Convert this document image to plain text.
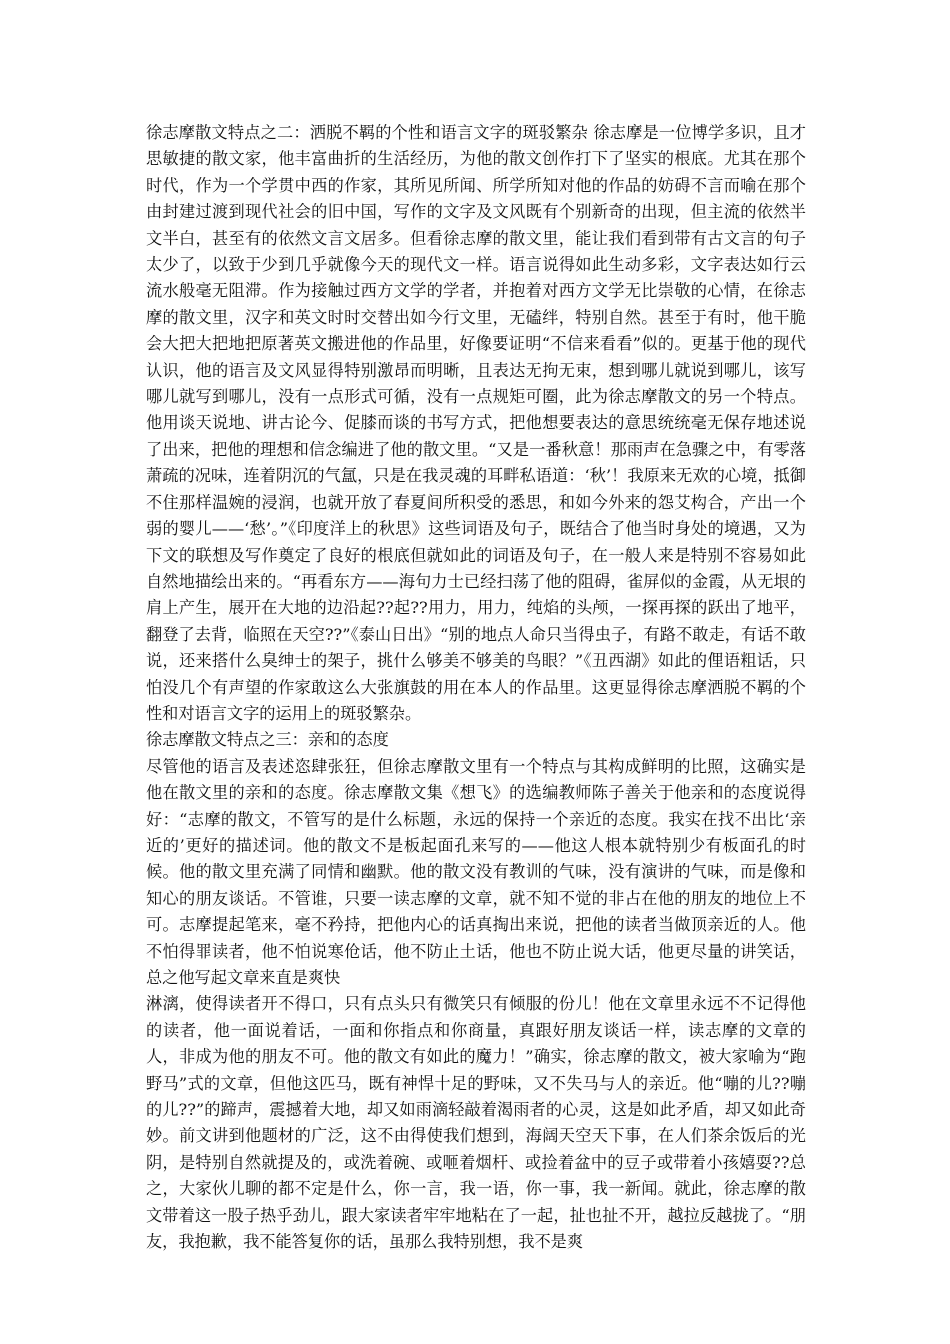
徐志摩散文特点之二：洒脱不羁的个性和语言文字的斑驳繁杂 徐志摩是一位博学多识，且才思敏捷的散文家，他丰富曲折的生活经历，为他的散文创作打下了坚实的根底。尤其在那个时代，作为一个学贯中西的作家，其所见所闻、所学所知对他的作品的妨碍不言而喻在那个由封建过渡到现代社会的旧中国，写作的文字及文风既有个别新奇的出现，但主流的依然半文半白，甚至有的依然文言文居多。但看徐志摩的散文里，能让我们看到带有古文言的句子太少了，以致于少到几乎就像今天的现代文一样。语言说得如此生动多彩，文字表达如行云流水般毫无阻滞。作为接触过西方文学的学者，并抱着对西方文学无比崇敬的心情，在徐志摩的散文里，汉字和英文时时交替出如今行文里，无磕绊，特别自然。甚至于有时，他干脆会大把大把地把原著英文搬进他的作品里，好像要证明“不信来看看”似的。更基于他的现代认识，他的语言及文风显得特别激昂而明晰，且表达无拘无束，想到哪儿就说到哪儿，该写哪儿就写到哪儿，没有一点形式可循，没有一点规矩可圈，此为徐志摩散文的另一个特点。他用谈天说地、讲古论今、促膝而谈的书写方式，把他想要表达的意思统统毫无保存地述说了出来，把他的理想和信念编进了他的散文里。“又是一番秋意！那雨声在急骤之中，有零落萧疏的况味，连着阴沉的气氲，只是在我灵魂的耳畔私语道：‘秋’！我原来无欢的心境，抵御不住那样温婉的浸润，也就开放了春夏间所积受的悉思，和如今外来的怨艾构合，产出一个弱的婴儿——‘愁’。”《印度洋上的秋思》这些词语及句子，既结合了他当时身处的境遇，又为下文的联想及写作奠定了良好的根底但就如此的词语及句子，在一般人来是特别不容易如此自然地描绘出来的。“再看东方——海句力士已经扫荡了他的阻碍，雀屏似的金霞，从无垠的肩上产生，展开在大地的边沿起??起??用力，用力，纯焰的头颅，一探再探的跃出了地平，翻登了去背，临照在天空??”《泰山日出》“别的地点人命只当得虫子，有路不敢走，有话不敢说，还来搭什么臭绅士的架子，挑什么够美不够美的鸟眼？”《丑西湖》如此的俚语粗话，只怕没几个有声望的作家敢这么大张旗鼓的用在本人的作品里。这更显得徐志摩洒脱不羁的个性和对语言文字的运用上的斑驳繁杂。

徐志摩散文特点之三：亲和的态度

尽管他的语言及表述恣肆张狂，但徐志摩散文里有一个特点与其构成鲜明的比照，这确实是他在散文里的亲和的态度。徐志摩散文集《想飞》的选编教师陈子善关于他亲和的态度说得好：“志摩的散文，不管写的是什么标题，永远的保持一个亲近的态度。我实在找不出比‘亲近的’更好的描述词。他的散文不是板起面孔来写的——他这人根本就特别少有板面孔的时候。他的散文里充满了同情和幽默。他的散文没有教训的气味，没有演讲的气味，而是像和知心的朋友谈话。不管谁，只要一读志摩的文章，就不知不觉的非占在他的朋友的地位上不可。志摩提起笔来，毫不矜持，把他内心的话真掏出来说，把他的读者当做顶亲近的人。他不怕得罪读者，他不怕说寒伧话，他不防止土话，他也不防止说大话，他更尽量的讲笑话，总之他写起文章来直是爽快

淋漓，使得读者开不得口，只有点头只有微笑只有倾服的份儿！他在文章里永远不不记得他的读者，他一面说着话，一面和你指点和你商量，真跟好朋友谈话一样，读志摩的文章的人，非成为他的朋友不可。他的散文有如此的魔力！”确实，徐志摩的散文，被大家喻为“跑野马”式的文章，但他这匹马，既有神悍十足的野味，又不失马与人的亲近。他“嘣的儿??嘣的儿??”的蹄声，震撼着大地，却又如雨滴轻敲着渴雨者的心灵，这是如此矛盾，却又如此奇妙。前文讲到他题材的广泛，这不由得使我们想到，海阔天空天下事，在人们茶余饭后的光阴，是特别自然就提及的，或洗着碗、或咂着烟杆、或捡着盆中的豆子或带着小孩嬉耍??总之，大家伙儿聊的都不定是什么，你一言，我一语，你一事，我一新闻。就此，徐志摩的散文带着这一股子热乎劲儿，跟大家读者牢牢地粘在了一起，扯也扯不开，越拉反越拢了。“朋友，我抱歉，我不能答复你的话，虽那么我特别想，我不是爽
